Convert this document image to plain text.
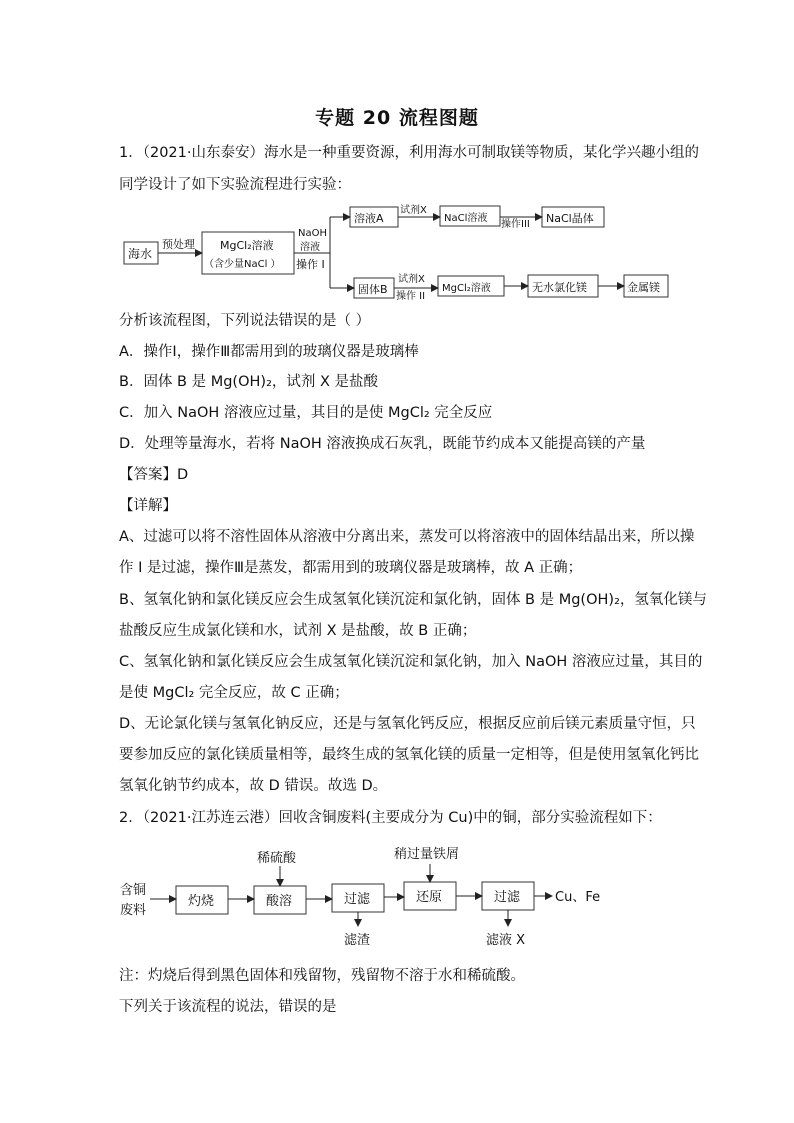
专题 20 流程图题
1．（2021·山东泰安）海水是一种重要资源，利用海水可制取镁等物质，某化学兴趣小组的
同学设计了如下实验流程进行实验：
海水
预处理 MgCl₂溶液
（含少量NaCl ）
NaOH
溶液
操作 I
溶液A
试剂X
NaCl溶液
操作III NaCl晶体
固体B
试剂X
操作 II
MgCl₂溶液	无水氯化镁	金属镁
分析该流程图，下列说法错误的是（ ）
A．操作Ⅰ，操作Ⅲ都需用到的玻璃仪器是玻璃棒
B．固体 B 是 Mg(OH)₂，试剂 X 是盐酸
C．加入 NaOH 溶液应过量，其目的是使 MgCl₂ 完全反应
D．处理等量海水，若将 NaOH 溶液换成石灰乳，既能节约成本又能提高镁的产量
【答案】D
【详解】
A、过滤可以将不溶性固体从溶液中分离出来，蒸发可以将溶液中的固体结晶出来，所以操
作 I 是过滤，操作Ⅲ是蒸发，都需用到的玻璃仪器是玻璃棒，故 A 正确；
B、氢氧化钠和氯化镁反应会生成氢氧化镁沉淀和氯化钠，固体 B 是 Mg(OH)₂，氢氧化镁与
盐酸反应生成氯化镁和水，试剂 X 是盐酸，故 B 正确；
C、氢氧化钠和氯化镁反应会生成氢氧化镁沉淀和氯化钠，加入 NaOH 溶液应过量，其目的
是使 MgCl₂ 完全反应，故 C 正确；
D、无论氯化镁与氢氧化钠反应，还是与氢氧化钙反应，根据反应前后镁元素质量守恒，只
要参加反应的氯化镁质量相等，最终生成的氢氧化镁的质量一定相等，但是使用氢氧化钙比
氢氧化钠节约成本，故 D 错误。故选 D。
2．（2021·江苏连云港）回收含铜废料(主要成分为 Cu)中的铜，部分实验流程如下：
含铜
废料
灼烧
稀硫酸
酸溶	过滤
滤渣
稍过量铁屑
还原	过滤
滤液 X
Cu、Fe
注：灼烧后得到黑色固体和残留物，残留物不溶于水和稀硫酸。
下列关于该流程的说法，错误的是
